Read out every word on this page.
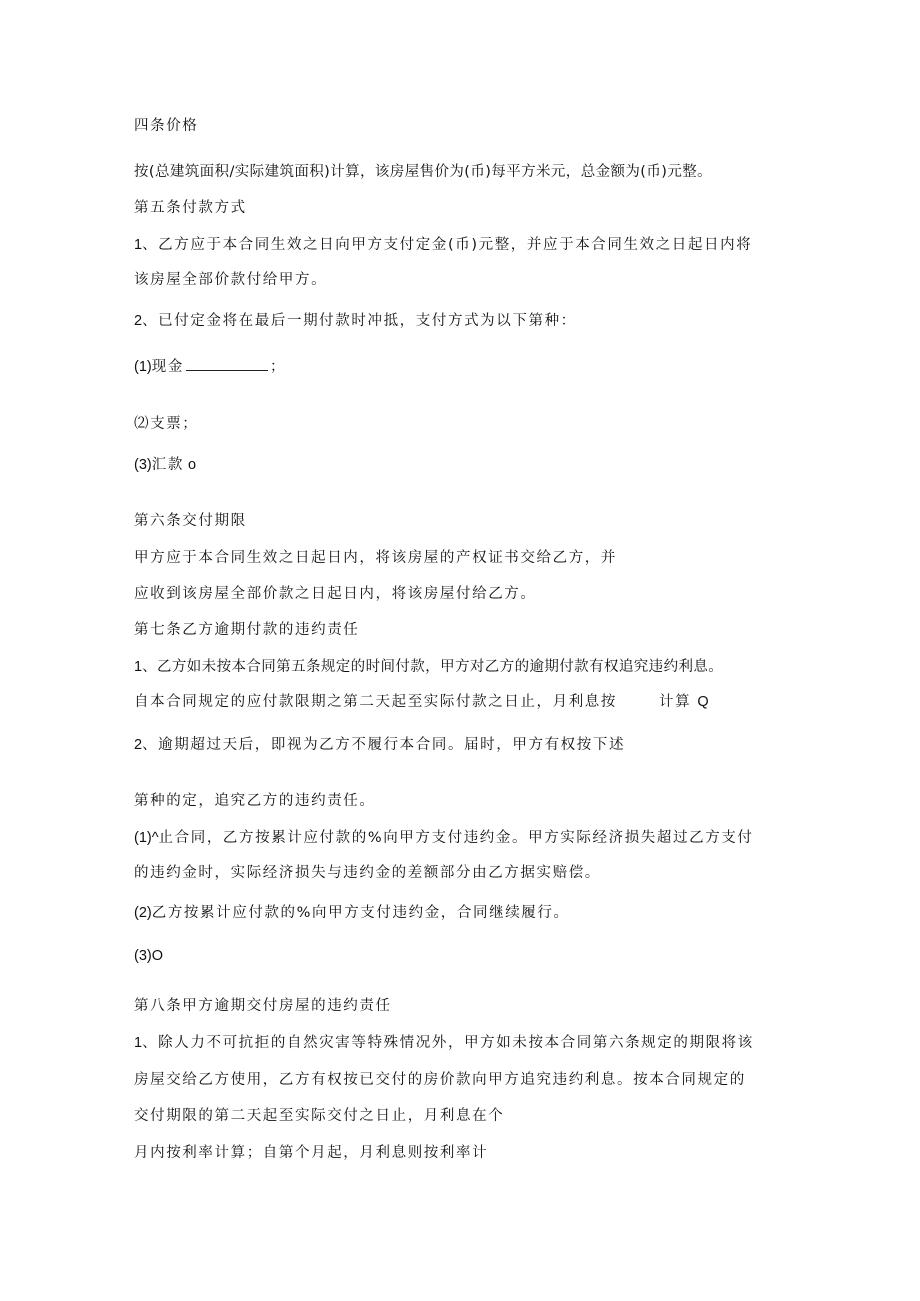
四条价格
按(总建筑面积/实际建筑面积)计算，该房屋售价为(币)每平方米元，总金额为(币)元整。
第五条付款方式
1、乙方应于本合同生效之日向甲方支付定金(币)元整，并应于本合同生效之日起日内将
该房屋全部价款付给甲方。
2、已付定金将在最后一期付款时冲抵，支付方式为以下第种：
(1)现金	；
⑵支票；
(3)汇款 o
第六条交付期限
甲方应于本合同生效之日起日内，将该房屋的产权证书交给乙方，并
应收到该房屋全部价款之日起日内，将该房屋付给乙方。
第七条乙方逾期付款的违约责任
1、乙方如未按本合同第五条规定的时间付款，甲方对乙方的逾期付款有权追究违约利息。
自本合同规定的应付款限期之第二天起至实际付款之日止，月利息按	计算 Q
2、逾期超过天后，即视为乙方不履行本合同。届时，甲方有权按下述
第种的定，追究乙方的违约责任。
(1)^止合同，乙方按累计应付款的%向甲方支付违约金。甲方实际经济损失超过乙方支付
的违约金时，实际经济损失与违约金的差额部分由乙方据实赔偿。
(2)乙方按累计应付款的%向甲方支付违约金，合同继续履行。
(3)O
第八条甲方逾期交付房屋的违约责任
1、除人力不可抗拒的自然灾害等特殊情况外，甲方如未按本合同第六条规定的期限将该
房屋交给乙方使用，乙方有权按已交付的房价款向甲方追究违约利息。按本合同规定的
交付期限的第二天起至实际交付之日止，月利息在个
月内按利率计算；自第个月起，月利息则按利率计
